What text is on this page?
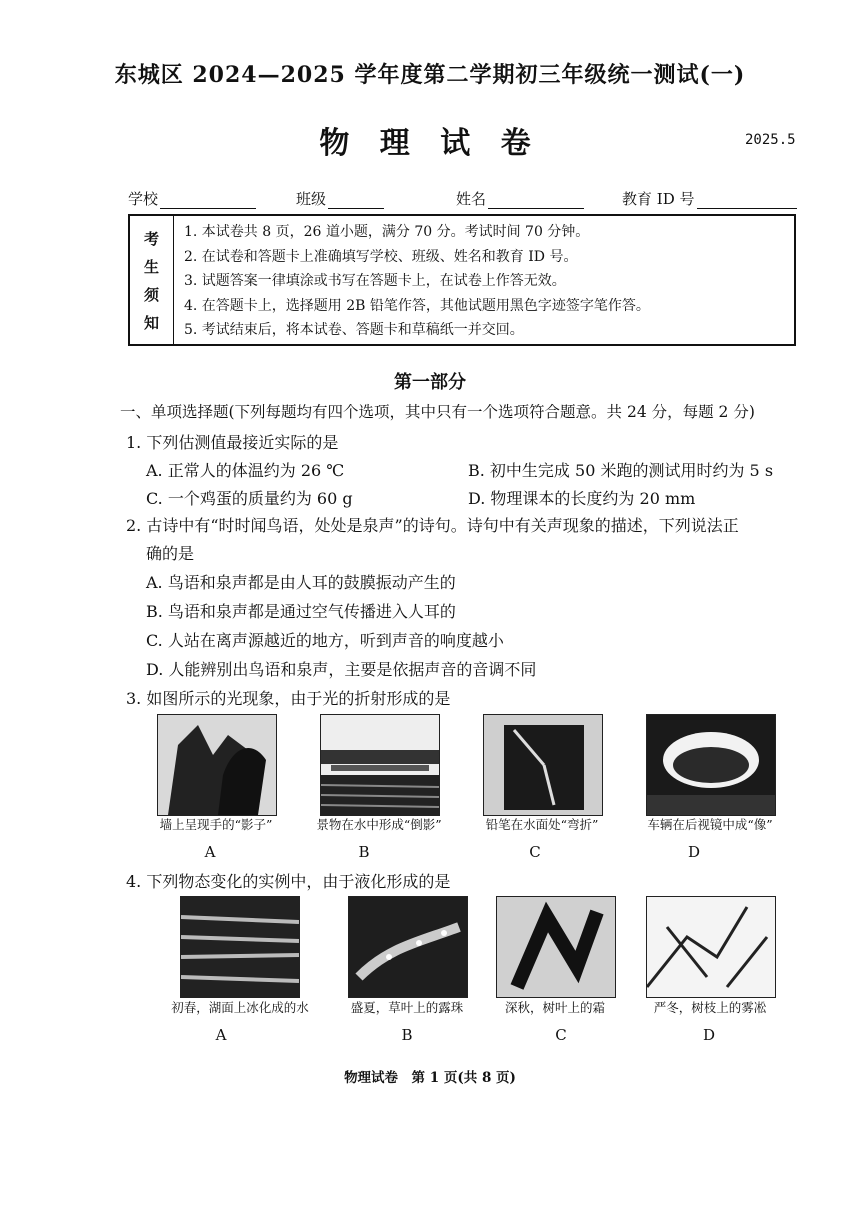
东城区 2024—2025 学年度第二学期初三年级统一测试(一)
物 理 试 卷	2025.5
学校	班级	姓名	教育 ID 号
考
生
须
知
1. 本试卷共 8 页，26 道小题，满分 70 分。考试时间 70 分钟。
2. 在试卷和答题卡上准确填写学校、班级、姓名和教育 ID 号。
3. 试题答案一律填涂或书写在答题卡上，在试卷上作答无效。
4. 在答题卡上，选择题用 2B 铅笔作答，其他试题用黑色字迹签字笔作答。
5. 考试结束后，将本试卷、答题卡和草稿纸一并交回。
第一部分
一、单项选择题(下列每题均有四个选项，其中只有一个选项符合题意。共 24 分，每题 2 分)
1. 下列估测值最接近实际的是
A. 正常人的体温约为 26 ℃	B. 初中生完成 50 米跑的测试用时约为 5 s
C. 一个鸡蛋的质量约为 60 g	D. 物理课本的长度约为 20 mm
2. 古诗中有“时时闻鸟语，处处是泉声”的诗句。诗句中有关声现象的描述，下列说法正
确的是
A. 鸟语和泉声都是由人耳的鼓膜振动产生的
B. 鸟语和泉声都是通过空气传播进入人耳的
C. 人站在离声源越近的地方，听到声音的响度越小
D. 人能辨别出鸟语和泉声，主要是依据声音的音调不同
3. 如图所示的光现象，由于光的折射形成的是
墙上呈现手的“影子”	景物在水中形成“倒影”	铅笔在水面处“弯折”	车辆在后视镜中成“像”
A	B	C	D
4. 下列物态变化的实例中，由于液化形成的是
初春，湖面上冰化成的水	盛夏，草叶上的露珠	深秋，树叶上的霜	严冬，树枝上的雾凇
A	B	C	D
物理试卷　第 1 页(共 8 页)
